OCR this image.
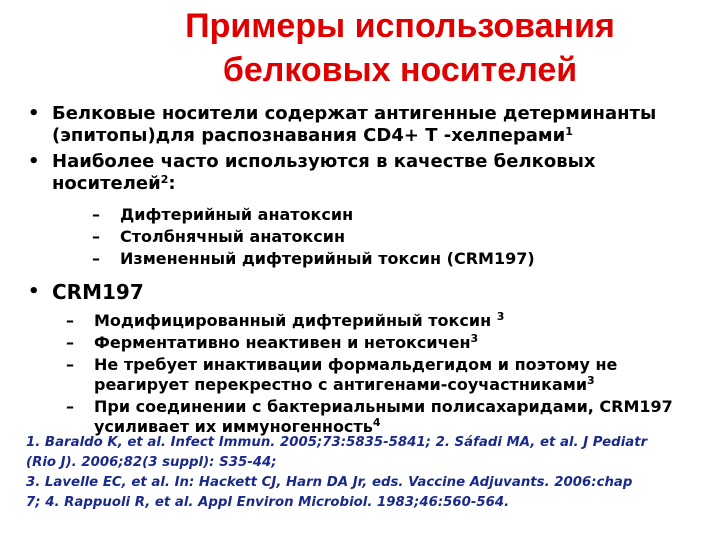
Примеры использования
белковых носителей
• Белковые носители содержат антигенные детерминанты
(эпитопы)для распознавания CD4+ Т -хелперами$^1$
• Наиболее часто используются в качестве белковых
носителей$^2$:
– Дифтерийный анатоксин
– Столбнячный анатоксин
– Измененный дифтерийный токсин (CRM197)
• CRM197
– Модифицированный дифтерийный токсин $^3$
– Ферментативно неактивен и нетоксичен$^3$
– Не требует инактивации формальдегидом и поэтому не
реагирует перекрестно с антигенами-соучастниками$^3$
– При соединении с бактериальными полисахаридами, CRM197
усиливает их иммуногенность$^4$
1. Baraldo K, et al. Infect Immun. 2005;73:5835-5841; 2. Sáfadi MA, et al. J Pediatr
(Rio J). 2006;82(3 suppl): S35-44;
3. Lavelle EC, et al. In: Hackett CJ, Harn DA Jr, eds. Vaccine Adjuvants. 2006:chap
7; 4. Rappuoli R, et al. Appl Environ Microbiol. 1983;46:560-564.
